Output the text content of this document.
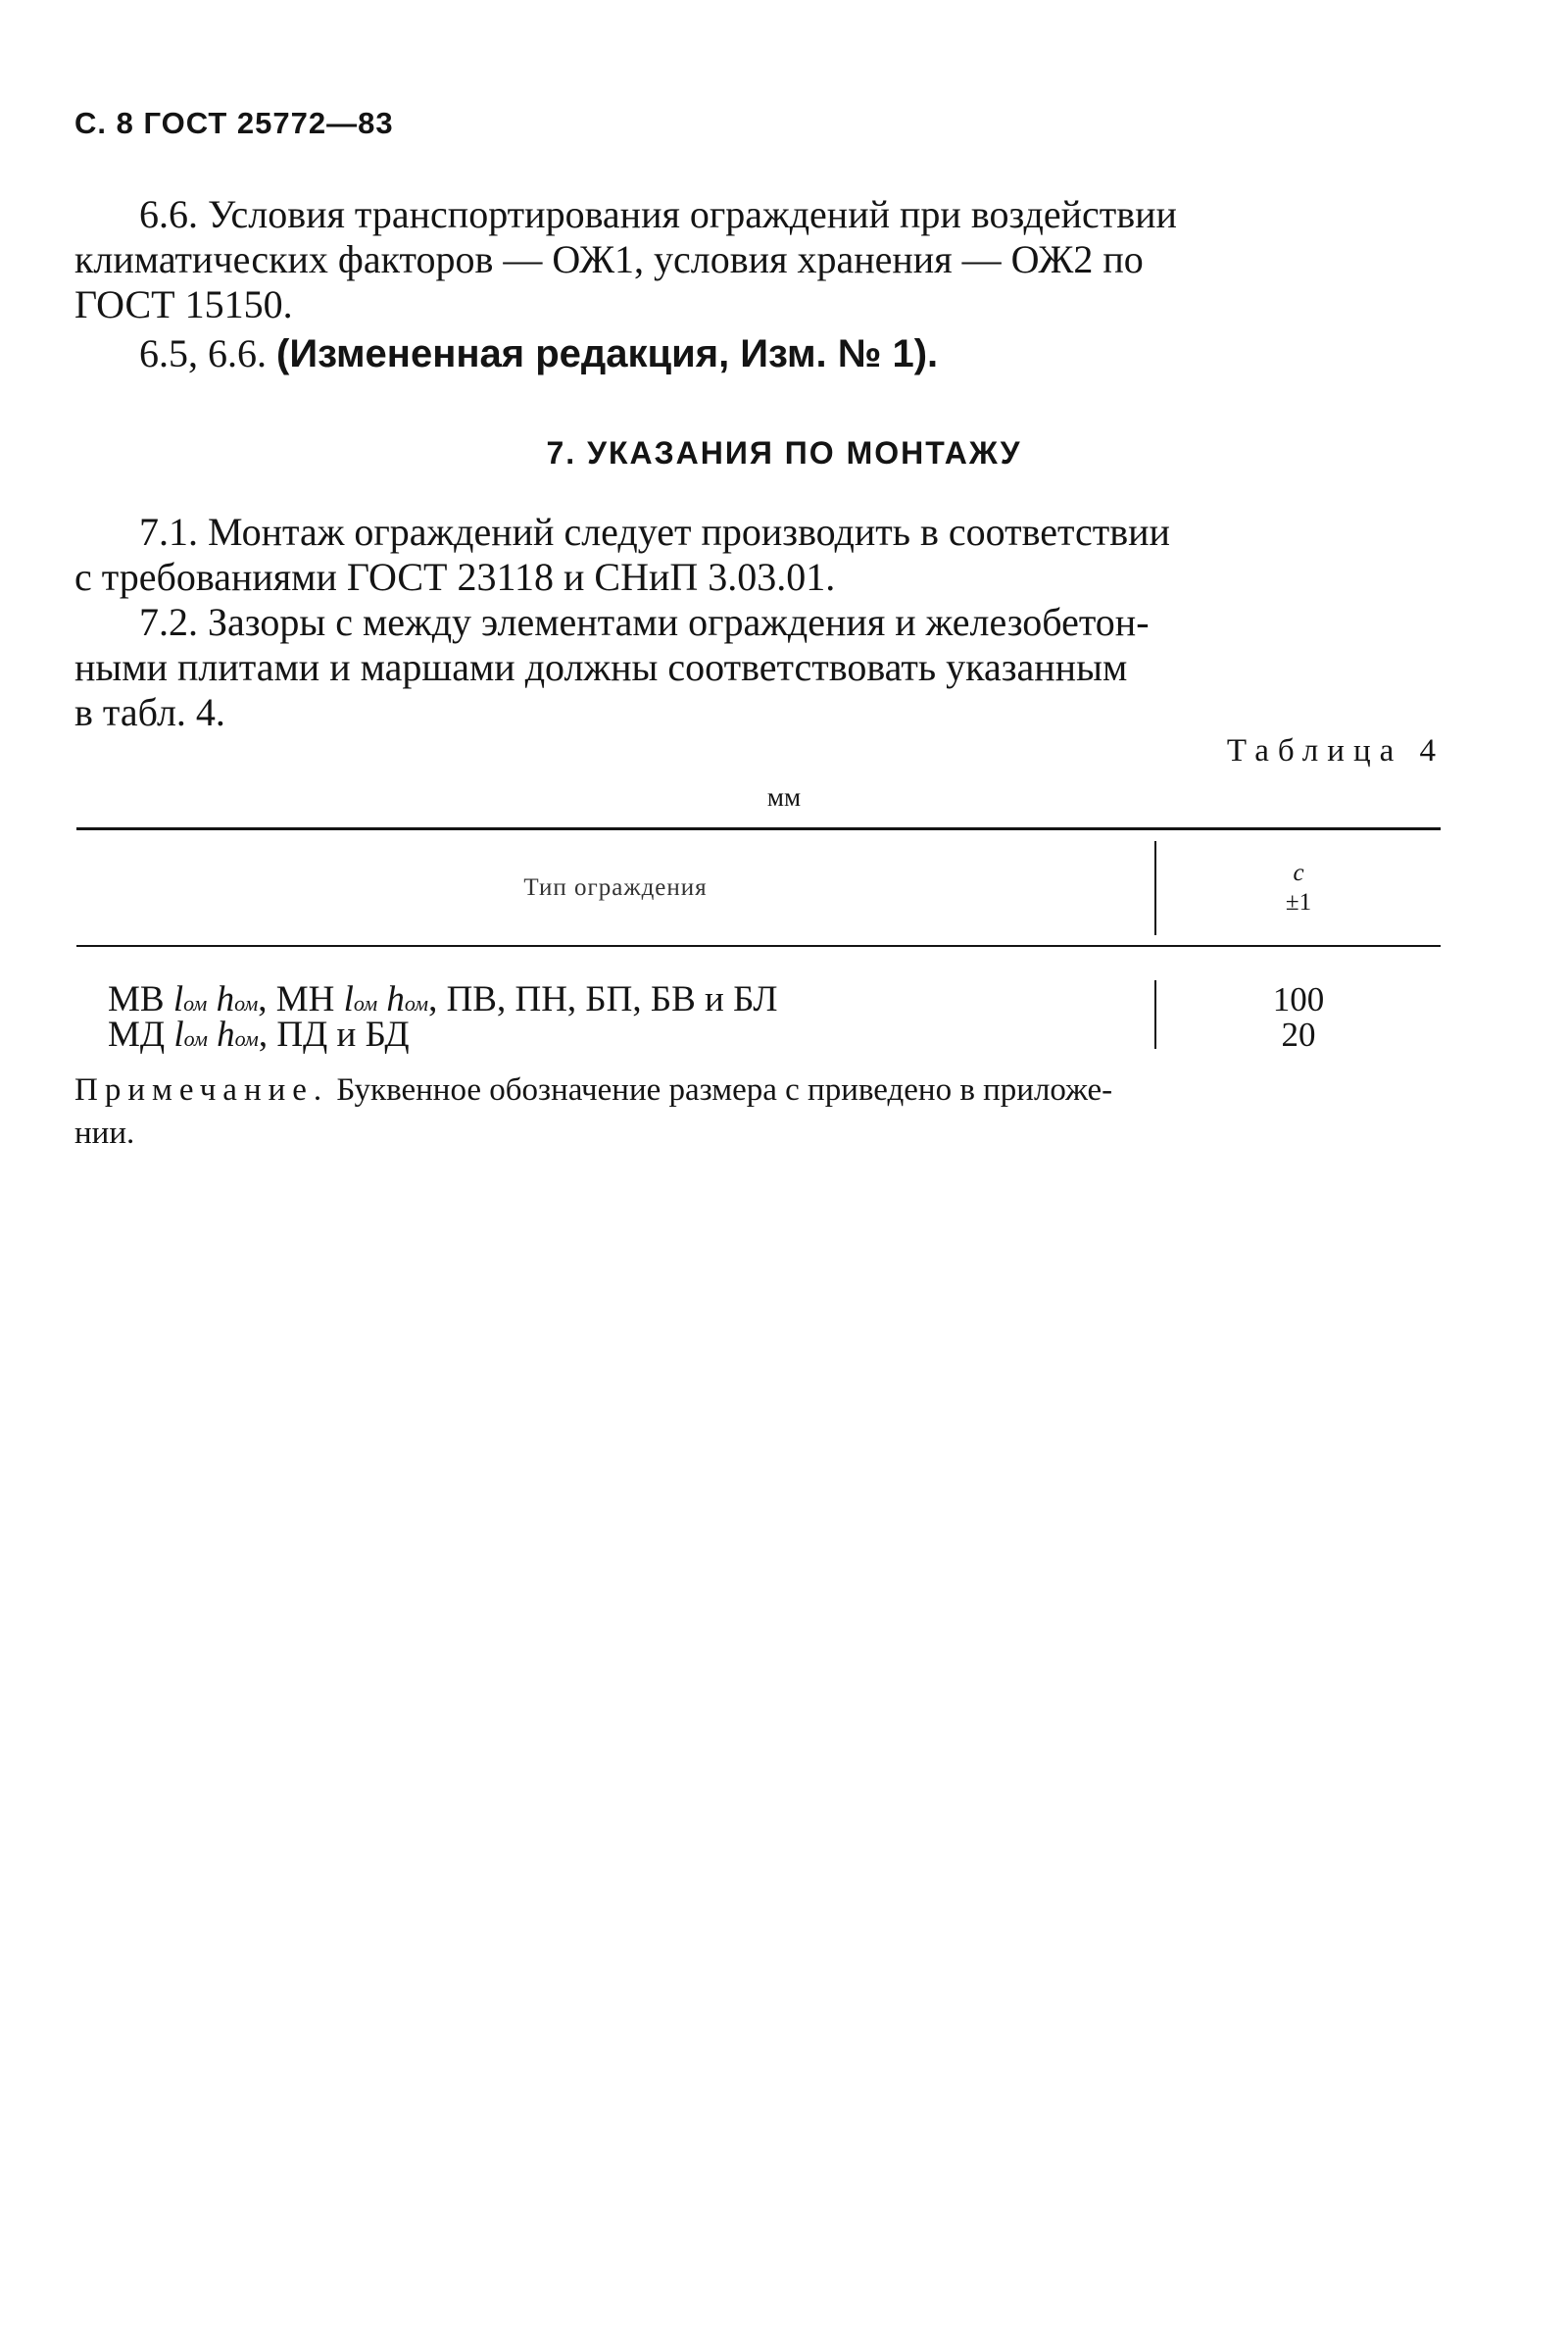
С. 8 ГОСТ 25772—83
6.6. Условия транспортирования ограждений при воздействии
климатических факторов — ОЖ1, условия хранения — ОЖ2 по
ГОСТ 15150.
6.5, 6.6. (Измененная редакция, Изм. № 1).
7. УКАЗАНИЯ ПО МОНТАЖУ
7.1. Монтаж ограждений следует производить в соответствии
с требованиями ГОСТ 23118 и СНиП 3.03.01.
7.2. Зазоры c между элементами ограждения и железобетон-
ными плитами и маршами должны соответствовать указанным
в табл. 4.
Таблица 4
мм
Тип ограждения
c
±1
МВ lом hом, МН lом hом, ПВ, ПН, БП, БВ и БЛ	100
МД lом hом, ПД и БД	20
Примечание. Буквенное обозначение размера c приведено в приложе-
нии.
